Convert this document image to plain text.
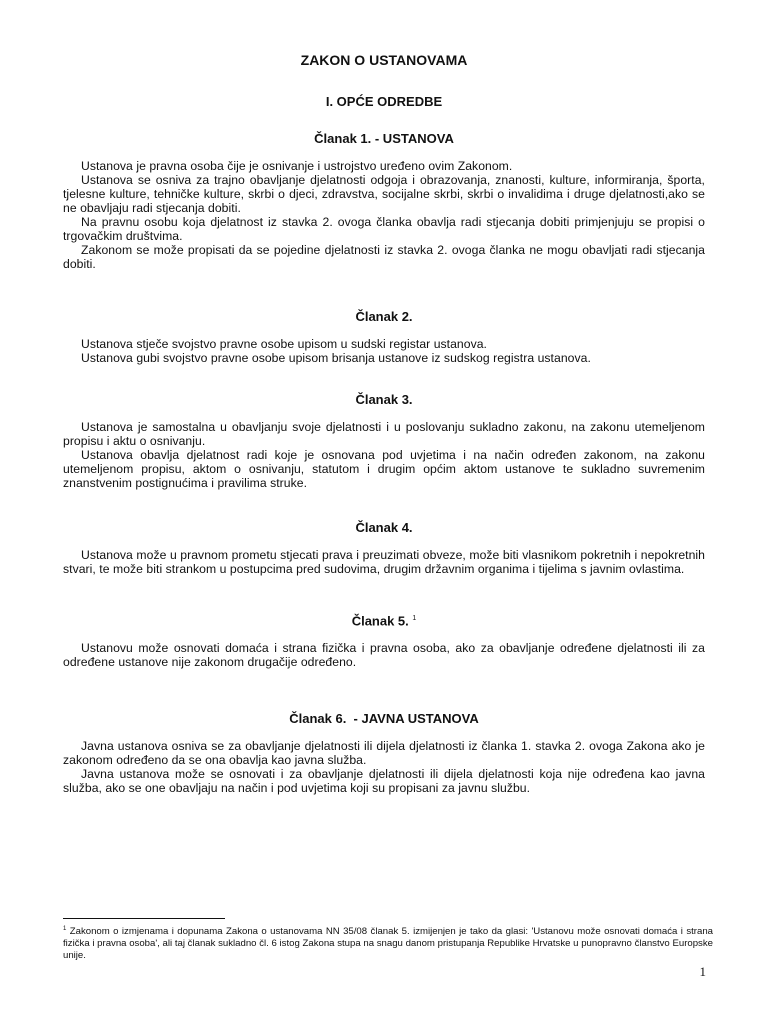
ZAKON O USTANOVAMA
I. OPĆE ODREDBE
Članak 1. - USTANOVA

Ustanova je pravna osoba čije je osnivanje i ustrojstvo uređeno ovim Zakonom.

Ustanova se osniva za trajno obavljanje djelatnosti odgoja i obrazovanja, znanosti, kulture, informiranja, športa, tjelesne kulture, tehničke kulture, skrbi o djeci, zdravstva, socijalne skrbi, skrbi o invalidima i druge djelatnosti,ako se ne obavljaju radi stjecanja dobiti.

Na pravnu osobu koja djelatnost iz stavka 2. ovoga članka obavlja radi stjecanja dobiti primjenjuju se propisi o trgovačkim društvima.

Zakonom se može propisati da se pojedine djelatnosti iz stavka 2. ovoga članka ne mogu obavljati radi stjecanja dobiti.

Članak 2.

Ustanova stječe svojstvo pravne osobe upisom u sudski registar ustanova.

Ustanova gubi svojstvo pravne osobe upisom brisanja ustanove iz sudskog registra ustanova.

Članak 3.

Ustanova je samostalna u obavljanju svoje djelatnosti i u poslovanju sukladno zakonu, na zakonu utemeljenom propisu i aktu o osnivanju.

Ustanova obavlja djelatnost radi koje je osnovana pod uvjetima i na način određen zakonom, na zakonu utemeljenom propisu, aktom o osnivanju, statutom i drugim općim aktom ustanove te sukladno suvremenim znanstvenim postignućima i pravilima struke.

Članak 4.

Ustanova može u pravnom prometu stjecati prava i preuzimati obveze, može biti vlasnikom pokretnih i nepokretnih stvari, te može biti strankom u postupcima pred sudovima, drugim državnim organima i tijelima s javnim ovlastima.

Članak 5. $^1$

Ustanovu može osnovati domaća i strana fizička i pravna osoba, ako za obavljanje određene djelatnosti ili za određene ustanove nije zakonom drugačije određeno.

Članak 6.  - JAVNA USTANOVA

Javna ustanova osniva se za obavljanje djelatnosti ili dijela djelatnosti iz članka 1. stavka 2. ovoga Zakona ako je zakonom određeno da se ona obavlja kao javna služba.

Javna ustanova može se osnovati i za obavljanje djelatnosti ili dijela djelatnosti koja nije određena kao javna služba, ako se one obavljaju na način i pod uvjetima koji su propisani za javnu službu.

$^1$ Zakonom o izmjenama i dopunama Zakona o ustanovama NN 35/08 članak 5. izmijenjen je tako da glasi: 'Ustanovu može osnovati domaća i strana fizička i pravna osoba', ali taj članak sukladno čl. 6 istog Zakona stupa na snagu danom pristupanja Republike Hrvatske u punopravno članstvo Europske unije.

1
